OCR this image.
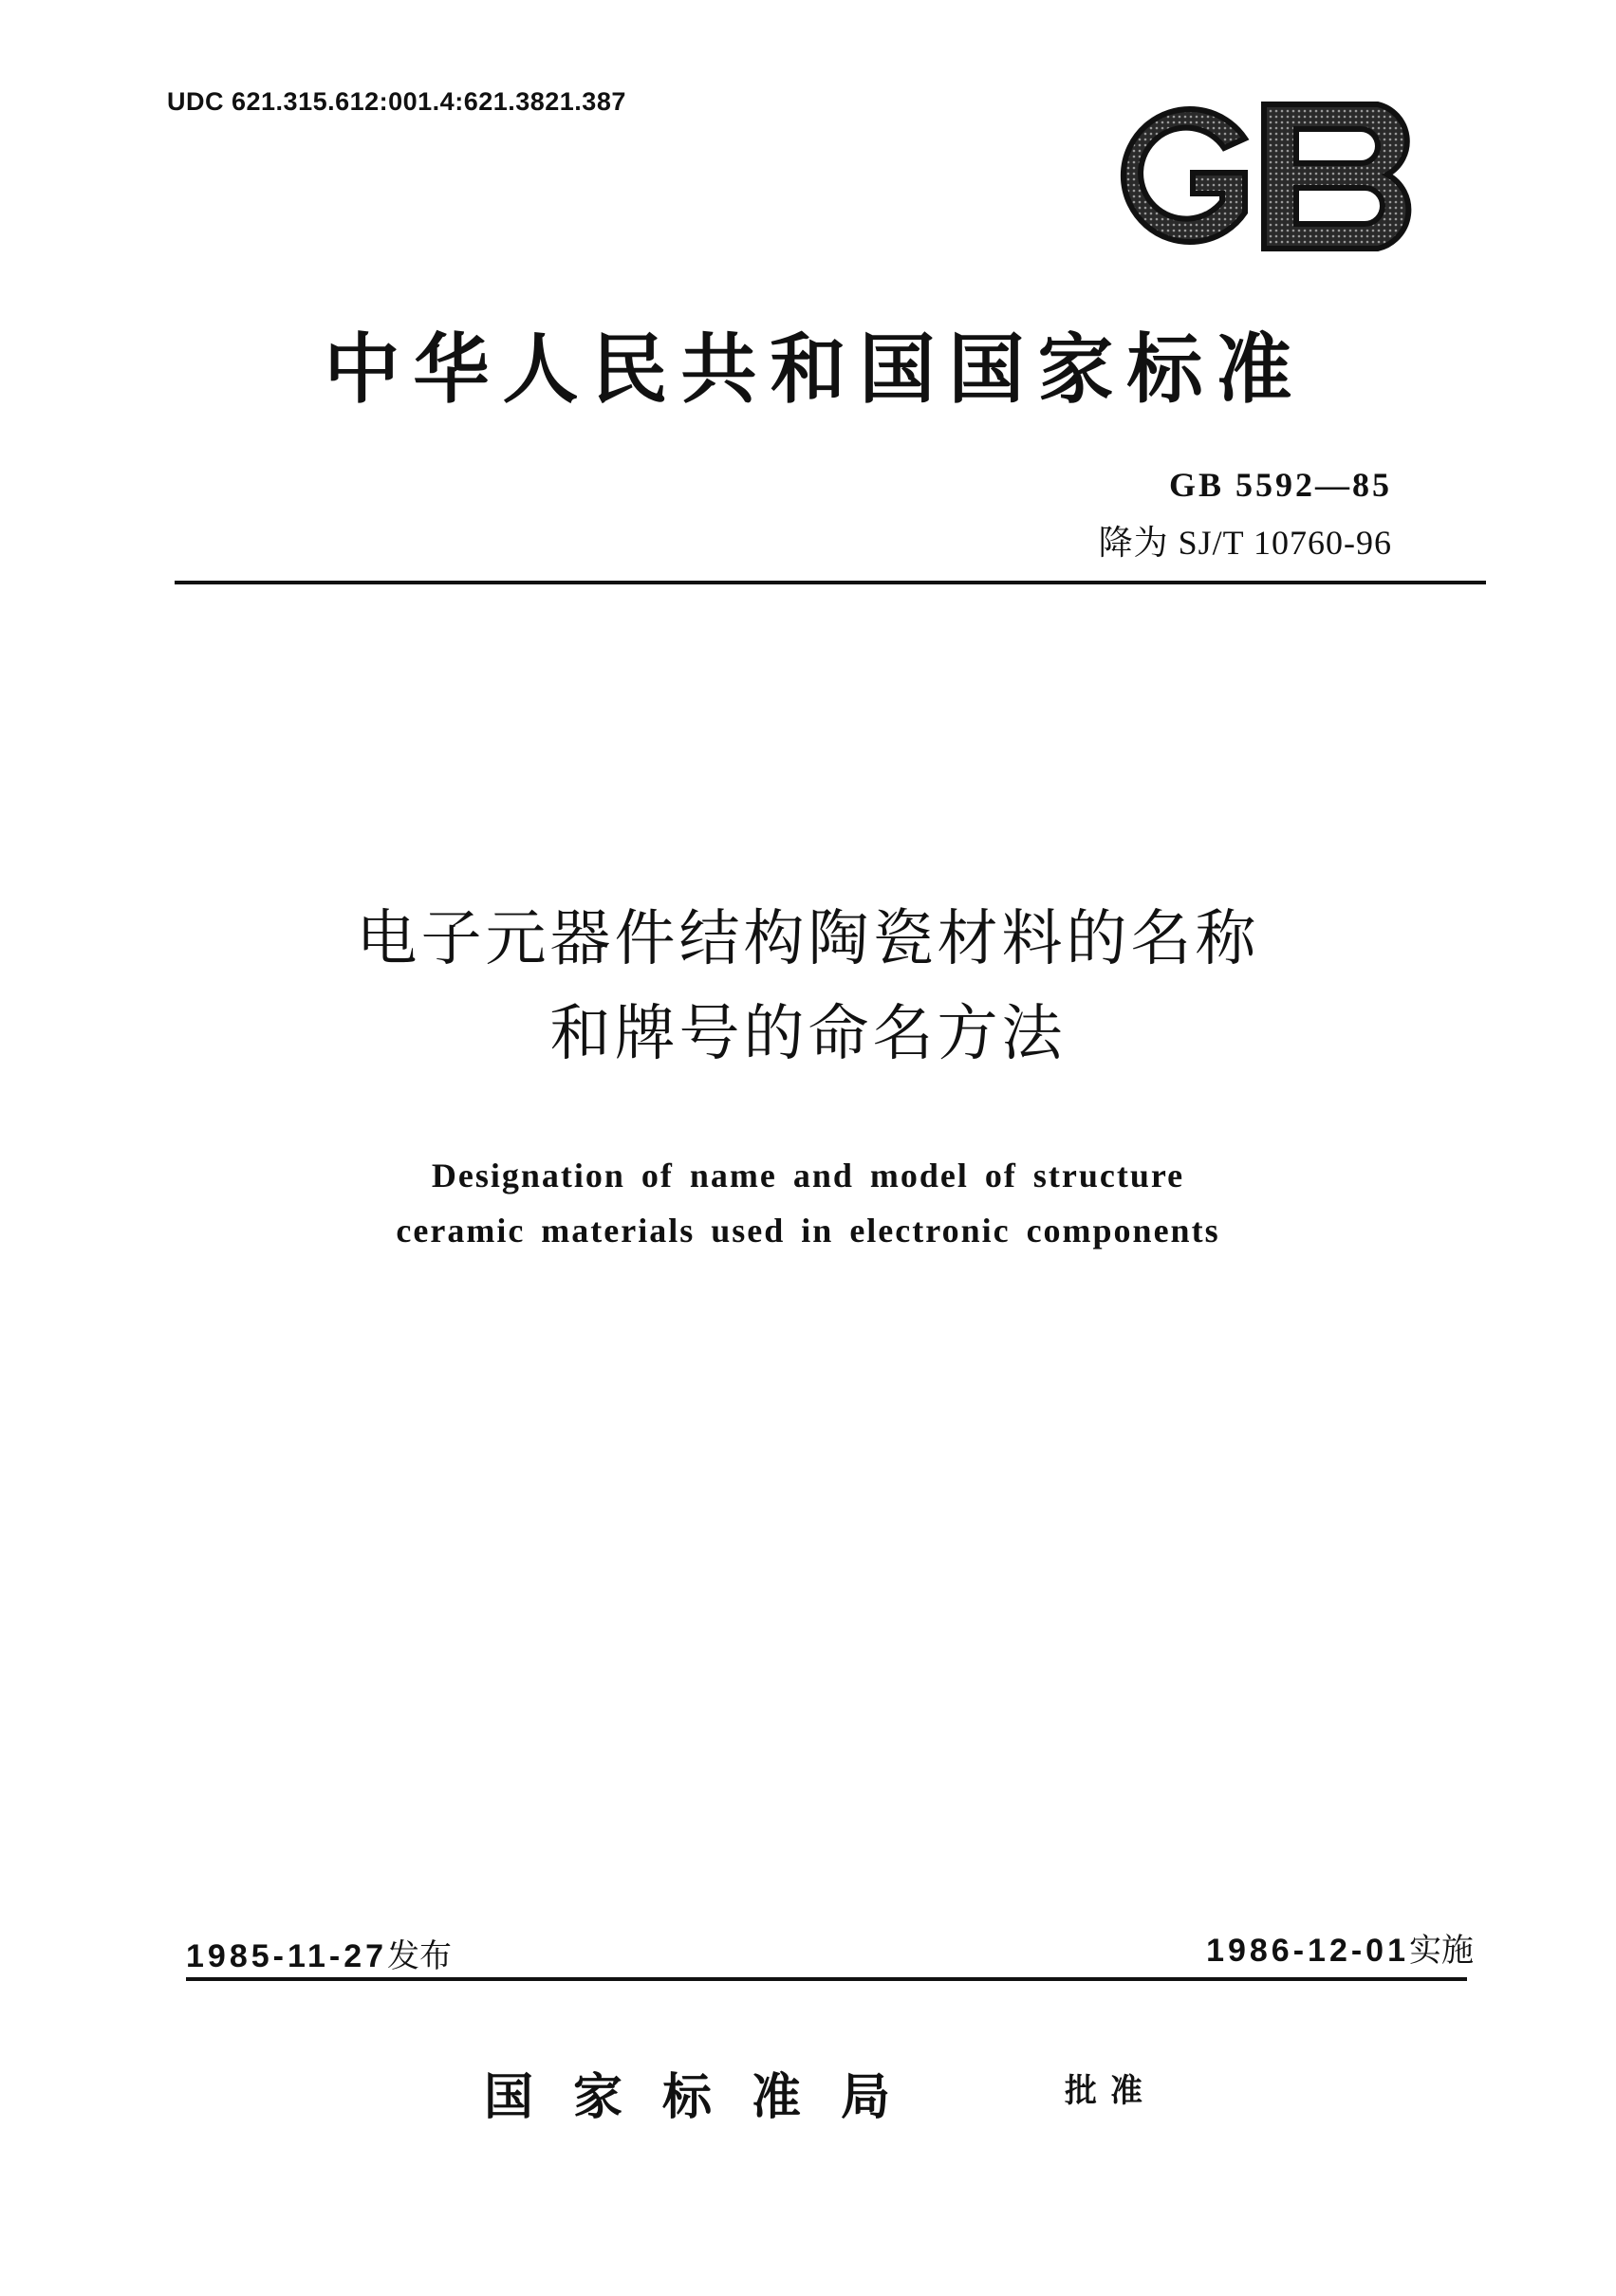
UDC 621.315.612:001.4:621.3821.387
中华人民共和国国家标准
GB 5592—85
降为 SJ/T 10760-96
电子元器件结构陶瓷材料的名称
和牌号的命名方法
Designation of name and model of structure
ceramic materials used in electronic components
1985-11-27发布	1986-12-01实施
国家标准局	批准
